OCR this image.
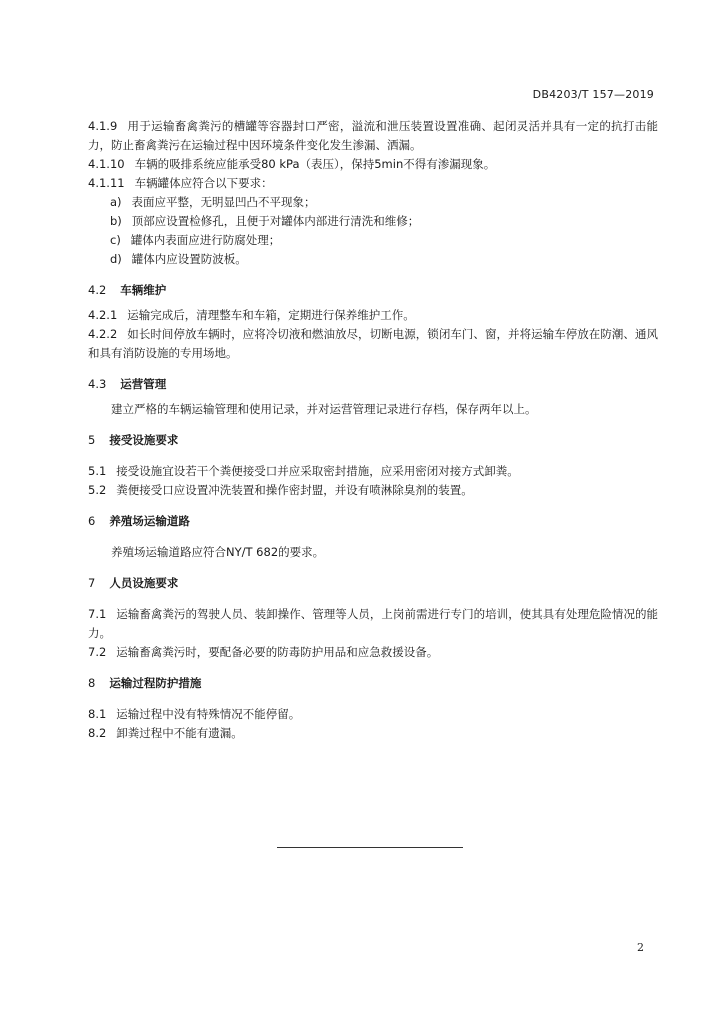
DB4203/T 157—2019

4.1.9 用于运输畜禽粪污的槽罐等容器封口严密，溢流和泄压装置设置准确、起闭灵活并具有一定的抗打击能力，防止畜禽粪污在运输过程中因环境条件变化发生渗漏、洒漏。

4.1.10 车辆的吸排系统应能承受80 kPa（表压），保持5min不得有渗漏现象。

4.1.11 车辆罐体应符合以下要求：

a) 表面应平整，无明显凹凸不平现象；
b) 顶部应设置检修孔，且便于对罐体内部进行清洗和维修；
c) 罐体内表面应进行防腐处理；
d) 罐体内应设置防波板。

4.2 车辆维护

4.2.1 运输完成后，清理整车和车箱，定期进行保养维护工作。

4.2.2 如长时间停放车辆时，应将冷切液和燃油放尽，切断电源，锁闭车门、窗，并将运输车停放在防潮、通风和具有消防设施的专用场地。

4.3 运营管理

建立严格的车辆运输管理和使用记录，并对运营管理记录进行存档，保存两年以上。

5 接受设施要求

5.1 接受设施宜设若干个粪便接受口并应采取密封措施，应采用密闭对接方式卸粪。

5.2 粪便接受口应设置冲洗装置和操作密封盟，并设有喷淋除臭剂的装置。

6 养殖场运输道路

养殖场运输道路应符合NY/T 682的要求。

7 人员设施要求

7.1 运输畜禽粪污的驾驶人员、装卸操作、管理等人员，上岗前需进行专门的培训，使其具有处理危险情况的能力。

7.2 运输畜禽粪污时，要配备必要的防毒防护用品和应急救援设备。

8 运输过程防护措施

8.1 运输过程中没有特殊情况不能停留。

8.2 卸粪过程中不能有遗漏。

2
